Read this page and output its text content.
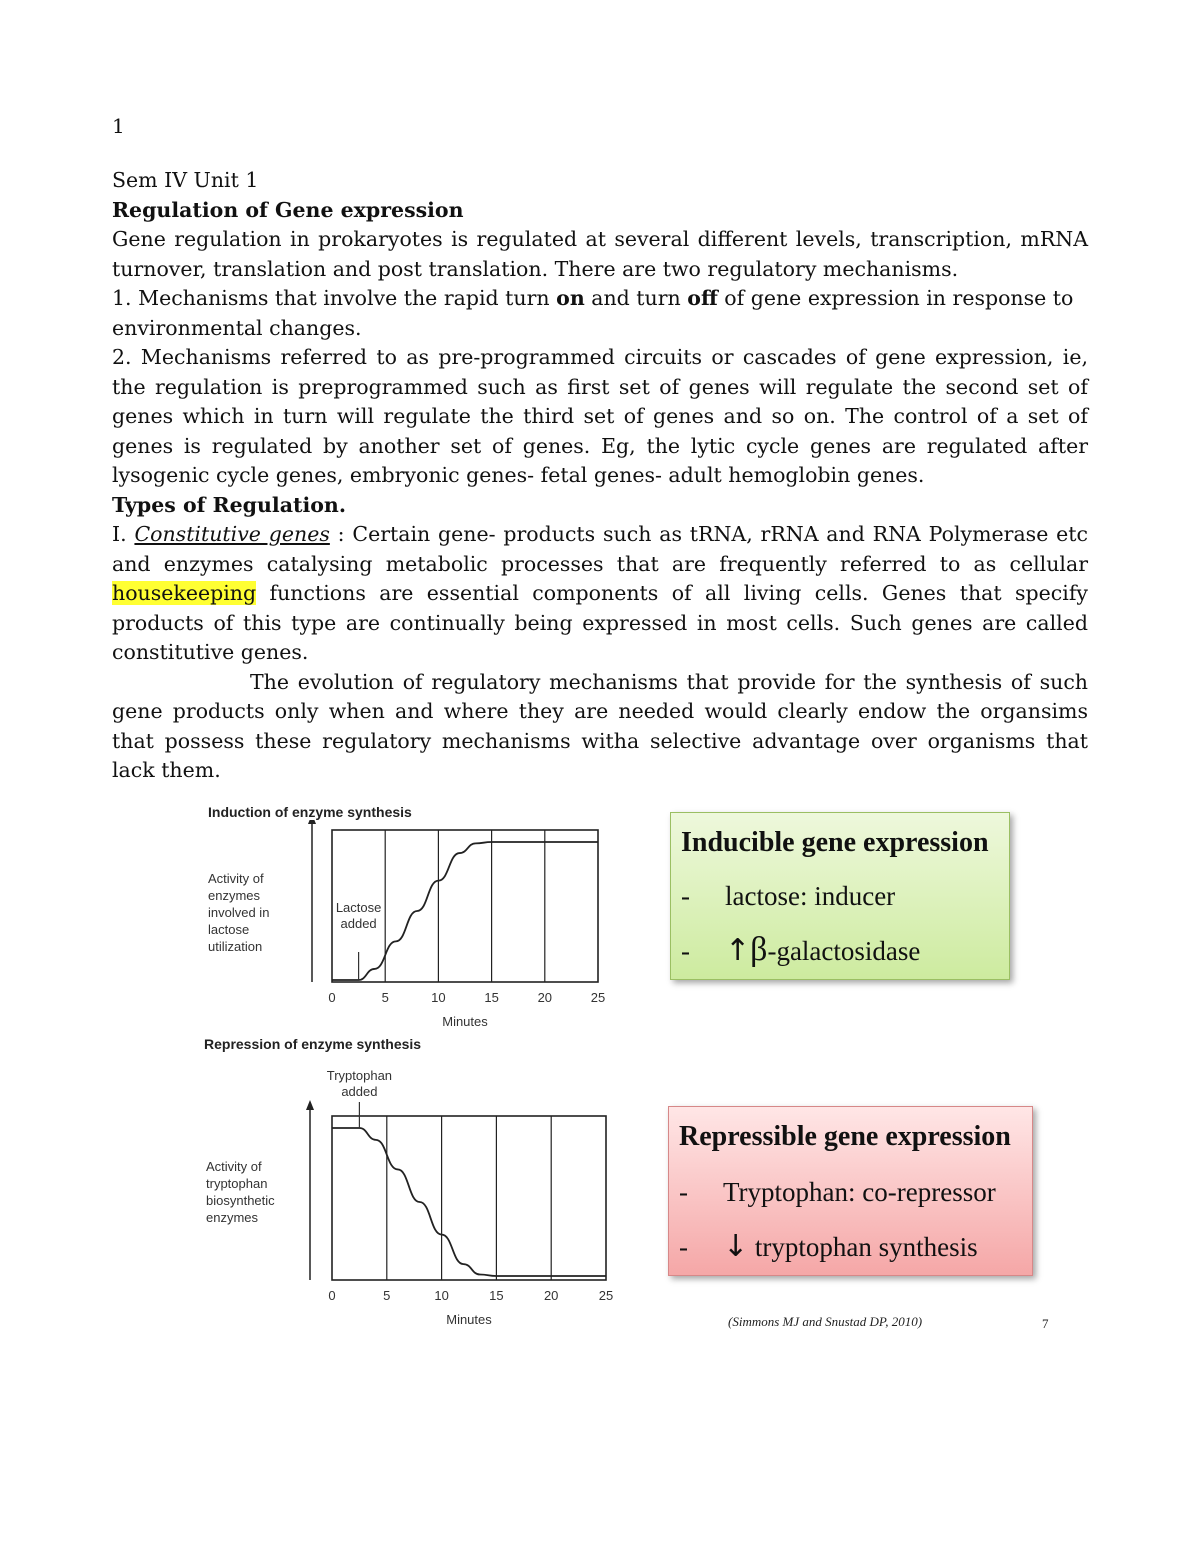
1

Sem IV Unit 1

Regulation of Gene expression

Gene regulation in prokaryotes is regulated at several different levels, transcription, mRNA turnover, translation and post translation. There are two regulatory mechanisms.

1. Mechanisms that involve the rapid turn on and turn off of gene expression in response to environmental changes.

2. Mechanisms referred to as pre-programmed circuits or cascades of gene expression, ie, the regulation is preprogrammed such as first set of genes will regulate the second set of genes which in turn will regulate the third set of genes and so on. The control of a set of genes is regulated by another set of genes. Eg, the lytic cycle genes are regulated after lysogenic cycle genes, embryonic genes- fetal genes- adult hemoglobin genes.

Types of Regulation.

I. Constitutive genes : Certain gene- products such as tRNA, rRNA and RNA Polymerase etc and enzymes catalysing metabolic processes that are frequently referred to as cellular housekeeping functions are essential components of all living cells. Genes that specify products of this type are continually being expressed in most cells. Such genes are called constitutive genes.

The evolution of regulatory mechanisms that provide for the synthesis of such gene products only when and where they are needed would clearly endow the organsims that possess these regulatory mechanisms witha selective advantage over organisms that lack them.

Induction of enzyme synthesis
Activity of
enzymes
involved in
lactose
utilization
0	5	10	15	20	25
Minutes
Lactose
added
Repression of enzyme synthesis
Activity of
tryptophan
biosynthetic
enzymes
0	5	10	15	20	25
Minutes
Tryptophan
added
Inducible gene expression
- lactose: inducer
- ↑β-galactosidase
Repressible gene expression
- Tryptophan: co-repressor
- ↓ tryptophan synthesis
(Simmons MJ and Snustad DP, 2010)	7
